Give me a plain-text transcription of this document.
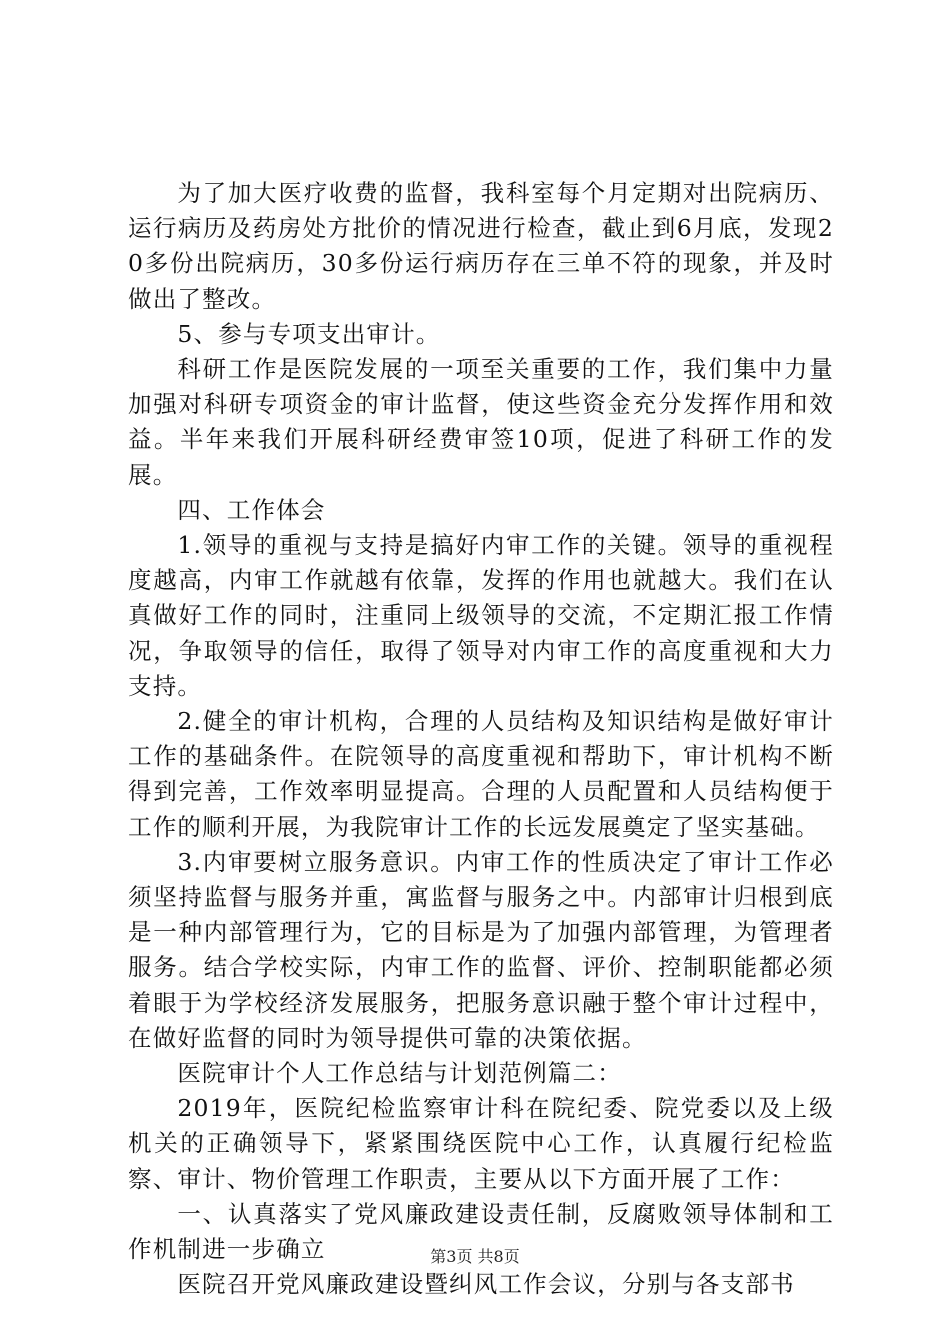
为了加大医疗收费的监督，我科室每个月定期对出院病历、运行病历及药房处方批价的情况进行检查，截止到6月底，发现20多份出院病历，30多份运行病历存在三单不符的现象，并及时做出了整改。

5、参与专项支出审计。

科研工作是医院发展的一项至关重要的工作，我们集中力量加强对科研专项资金的审计监督，使这些资金充分发挥作用和效益。半年来我们开展科研经费审签10项，促进了科研工作的发展。

四、工作体会

1.领导的重视与支持是搞好内审工作的关键。领导的重视程度越高，内审工作就越有依靠，发挥的作用也就越大。我们在认真做好工作的同时，注重同上级领导的交流，不定期汇报工作情况，争取领导的信任，取得了领导对内审工作的高度重视和大力支持。

2.健全的审计机构，合理的人员结构及知识结构是做好审计工作的基础条件。在院领导的高度重视和帮助下，审计机构不断得到完善，工作效率明显提高。合理的人员配置和人员结构便于工作的顺利开展，为我院审计工作的长远发展奠定了坚实基础。

3.内审要树立服务意识。内审工作的性质决定了审计工作必须坚持监督与服务并重，寓监督与服务之中。内部审计归根到底是一种内部管理行为，它的目标是为了加强内部管理，为管理者服务。结合学校实际，内审工作的监督、评价、控制职能都必须着眼于为学校经济发展服务，把服务意识融于整个审计过程中，在做好监督的同时为领导提供可靠的决策依据。

医院审计个人工作总结与计划范例篇二：

2019年，医院纪检监察审计科在院纪委、院党委以及上级机关的正确领导下，紧紧围绕医院中心工作，认真履行纪检监察、审计、物价管理工作职责，主要从以下方面开展了工作：

一、认真落实了党风廉政建设责任制，反腐败领导体制和工作机制进一步确立

医院召开党风廉政建设暨纠风工作会议，分别与各支部书

第3页 共8页
